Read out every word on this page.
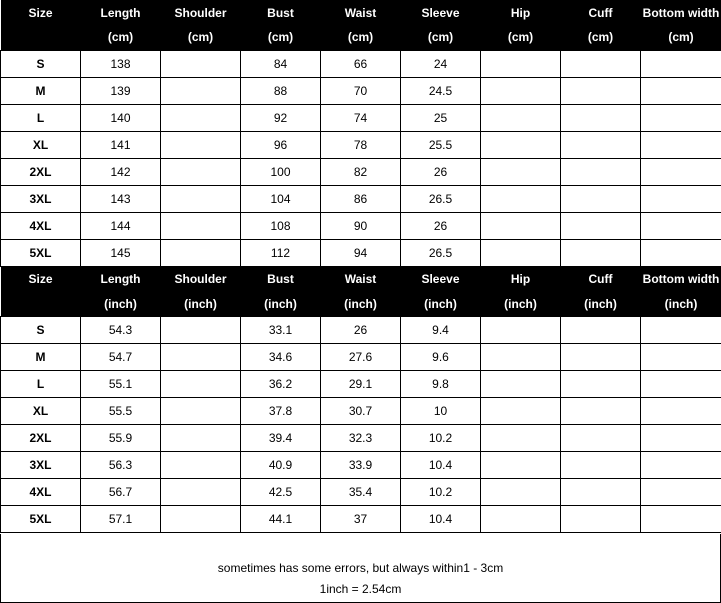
Size	Length	Shoulder	Bust	Waist	Sleeve	Hip	Cuff	Bottom width
	(cm)	(cm)	(cm)	(cm)	(cm)	(cm)	(cm)	(cm)
S	138		84	66	24			
M	139		88	70	24.5			
L	140		92	74	25			
XL	141		96	78	25.5			
2XL	142		100	82	26			
3XL	143		104	86	26.5			
4XL	144		108	90	26			
5XL	145		112	94	26.5			
Size	Length	Shoulder	Bust	Waist	Sleeve	Hip	Cuff	Bottom width
	(inch)	(inch)	(inch)	(inch)	(inch)	(inch)	(inch)	(inch)
S	54.3		33.1	26	9.4			
M	54.7		34.6	27.6	9.6			
L	55.1		36.2	29.1	9.8			
XL	55.5		37.8	30.7	10			
2XL	55.9		39.4	32.3	10.2			
3XL	56.3		40.9	33.9	10.4			
4XL	56.7		42.5	35.4	10.2			
5XL	57.1		44.1	37	10.4			
sometimes has some errors, but always within1 - 3cm
1inch = 2.54cm
